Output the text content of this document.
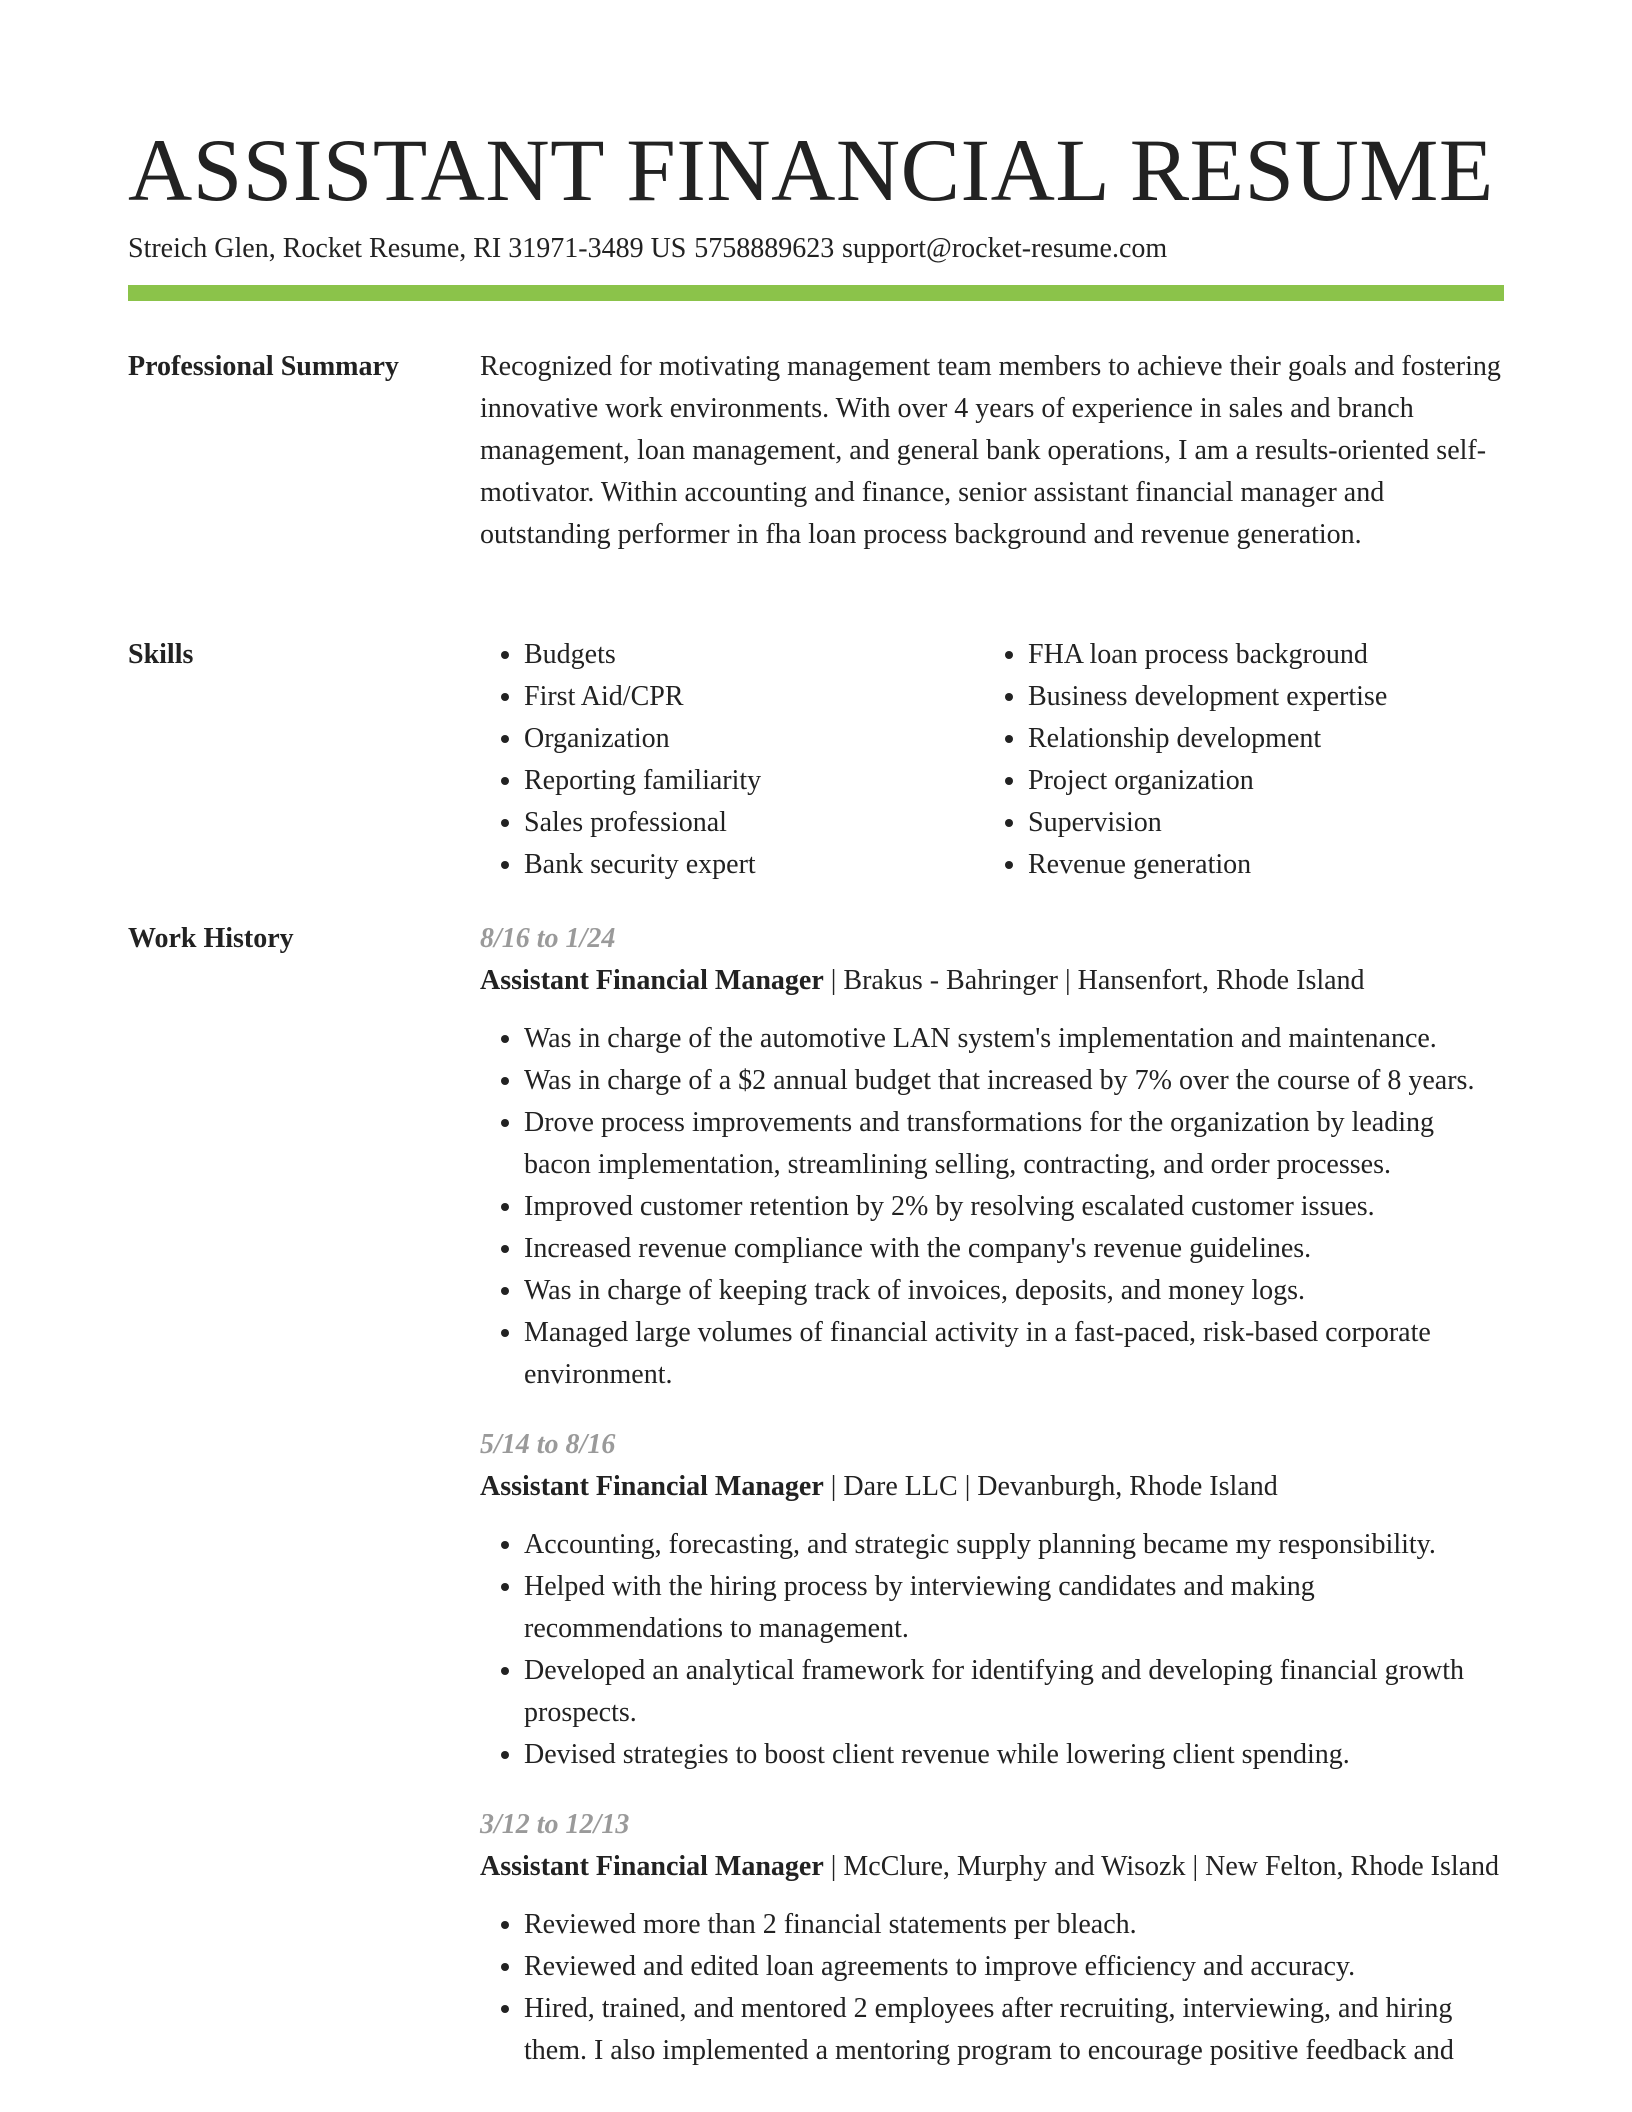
ASSISTANT FINANCIAL RESUME
Streich Glen, Rocket Resume, RI 31971-3489 US 5758889623 support@rocket-resume.com
Professional Summary	Recognized for motivating management team members to achieve their goals and fostering innovative work environments. With over 4 years of experience in sales and branch management, loan management, and general bank operations, I am a results-oriented self-motivator. Within accounting and finance, senior assistant financial manager and outstanding performer in fha loan process background and revenue generation.

Skills
•	Budgets
• First Aid/CPR
• Organization
• Reporting familiarity
• Sales professional
• Bank security expert
• FHA loan process background
• Business development expertise
• Relationship development
• Project organization
• Supervision
• Revenue generation
Work History	8/16 to 1/24
Assistant Financial Manager | Brakus - Bahringer | Hansenfort, Rhode Island
• Was in charge of the automotive LAN system's implementation and maintenance.
• Was in charge of a $2 annual budget that increased by 7% over the course of 8 years.
• Drove process improvements and transformations for the organization by leading bacon implementation, streamlining selling, contracting, and order processes.
• Improved customer retention by 2% by resolving escalated customer issues.
• Increased revenue compliance with the company's revenue guidelines.
• Was in charge of keeping track of invoices, deposits, and money logs.
• Managed large volumes of financial activity in a fast-paced, risk-based corporate environment.
5/14 to 8/16
Assistant Financial Manager | Dare LLC | Devanburgh, Rhode Island
• Accounting, forecasting, and strategic supply planning became my responsibility.
• Helped with the hiring process by interviewing candidates and making recommendations to management.
• Developed an analytical framework for identifying and developing financial growth prospects.
• Devised strategies to boost client revenue while lowering client spending.
3/12 to 12/13
Assistant Financial Manager | McClure, Murphy and Wisozk | New Felton, Rhode Island
• Reviewed more than 2 financial statements per bleach.
• Reviewed and edited loan agreements to improve efficiency and accuracy.
• Hired, trained, and mentored 2 employees after recruiting, interviewing, and hiring them. I also implemented a mentoring program to encourage positive feedback and
